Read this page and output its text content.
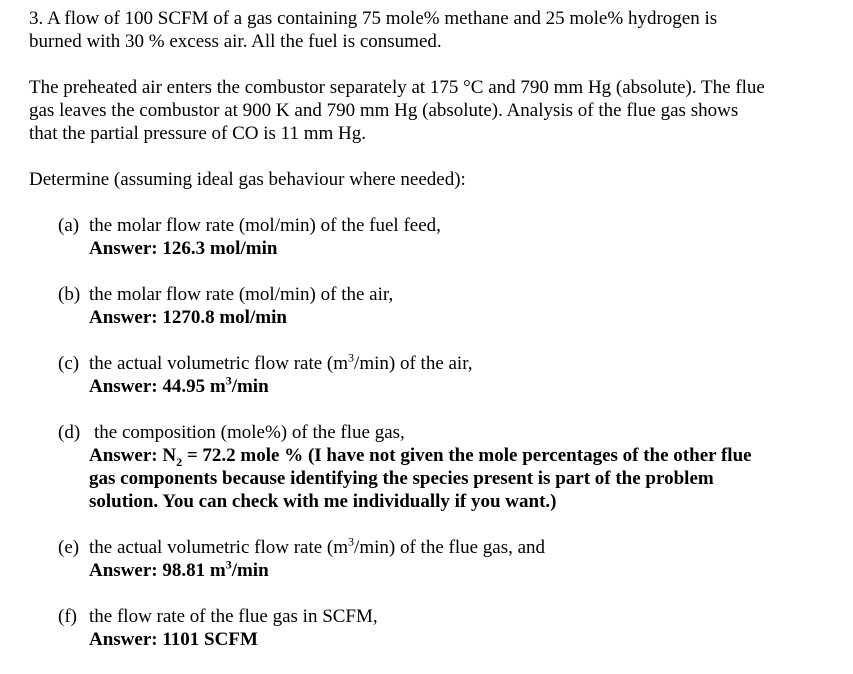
3. A flow of 100 SCFM of a gas containing 75 mole% methane and 25 mole% hydrogen is

burned with 30 % excess air. All the fuel is consumed.

The preheated air enters the combustor separately at 175 °C and 790 mm Hg (absolute). The flue

gas leaves the combustor at 900 K and 790 mm Hg (absolute). Analysis of the flue gas shows

that the partial pressure of CO is 11 mm Hg.

Determine (assuming ideal gas behaviour where needed):

(a) the molar flow rate (mol/min) of the fuel feed,
Answer: 126.3 mol/min
(b) the molar flow rate (mol/min) of the air,
Answer: 1270.8 mol/min
(c) the actual volumetric flow rate $(m^3/\min)$ of the air,
Answer: 44.95 $m^3/\min$
(d) the composition (mole%) of the flue gas,
Answer: $N_2 = 72.2$ mole % (I have not given the mole percentages of the other flue
gas components because identifying the species present is part of the problem
solution. You can check with me individually if you want.)
(e) the actual volumetric flow rate $(m^3/\min)$ of the flue gas, and
Answer: 98.81 $m^3/\min$
(f) the flow rate of the flue gas in SCFM,
Answer: 1101 SCFM
